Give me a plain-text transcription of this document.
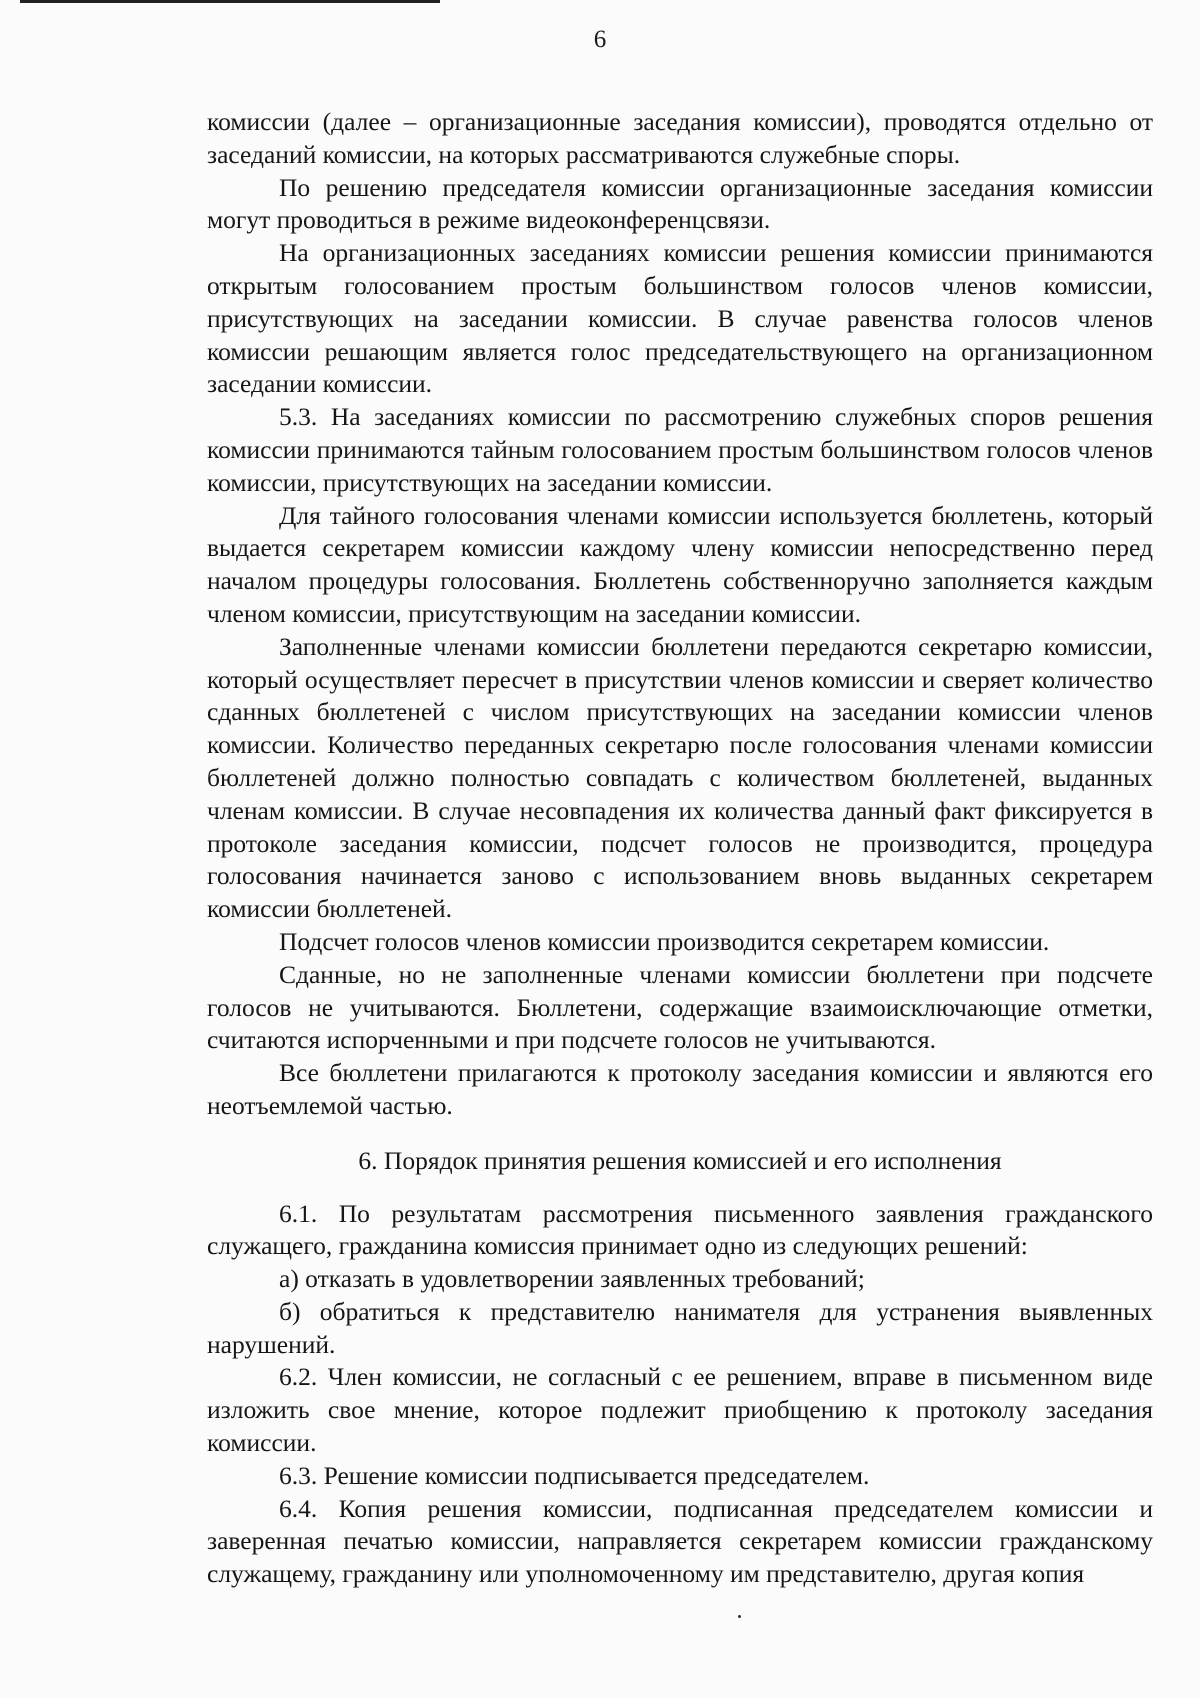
6

комиссии (далее – организационные заседания комиссии), проводятся отдельно от заседаний комиссии, на которых рассматриваются служебные споры.

По решению председателя комиссии организационные заседания комиссии могут проводиться в режиме видеоконференцсвязи.

На организационных заседаниях комиссии решения комиссии принимаются открытым голосованием простым большинством голосов членов комиссии, присутствующих на заседании комиссии. В случае равенства голосов членов комиссии решающим является голос председательствующего на организационном заседании комиссии.

5.3. На заседаниях комиссии по рассмотрению служебных споров решения комиссии принимаются тайным голосованием простым большинством голосов членов комиссии, присутствующих на заседании комиссии.

Для тайного голосования членами комиссии используется бюллетень, который выдается секретарем комиссии каждому члену комиссии непосредственно перед началом процедуры голосования. Бюллетень собственноручно заполняется каждым членом комиссии, присутствующим на заседании комиссии.

Заполненные членами комиссии бюллетени передаются секретарю комиссии, который осуществляет пересчет в присутствии членов комиссии и сверяет количество сданных бюллетеней с числом присутствующих на заседании комиссии членов комиссии. Количество переданных секретарю после голосования членами комиссии бюллетеней должно полностью совпадать с количеством бюллетеней, выданных членам комиссии. В случае несовпадения их количества данный факт фиксируется в протоколе заседания комиссии, подсчет голосов не производится, процедура голосования начинается заново с использованием вновь выданных секретарем комиссии бюллетеней.

Подсчет голосов членов комиссии производится секретарем комиссии.

Сданные, но не заполненные членами комиссии бюллетени при подсчете голосов не учитываются. Бюллетени, содержащие взаимоисключающие отметки, считаются испорченными и при подсчете голосов не учитываются.

Все бюллетени прилагаются к протоколу заседания комиссии и являются его неотъемлемой частью.

6. Порядок принятия решения комиссией и его исполнения

6.1. По результатам рассмотрения письменного заявления гражданского служащего, гражданина комиссия принимает одно из следующих решений:

а) отказать в удовлетворении заявленных требований;

б) обратиться к представителю нанимателя для устранения выявленных нарушений.

6.2. Член комиссии, не согласный с ее решением, вправе в письменном виде изложить свое мнение, которое подлежит приобщению к протоколу заседания комиссии.

6.3. Решение комиссии подписывается председателем.

6.4. Копия решения комиссии, подписанная председателем комиссии и заверенная печатью комиссии, направляется секретарем комиссии гражданскому служащему, гражданину или уполномоченному им представителю, другая копия
